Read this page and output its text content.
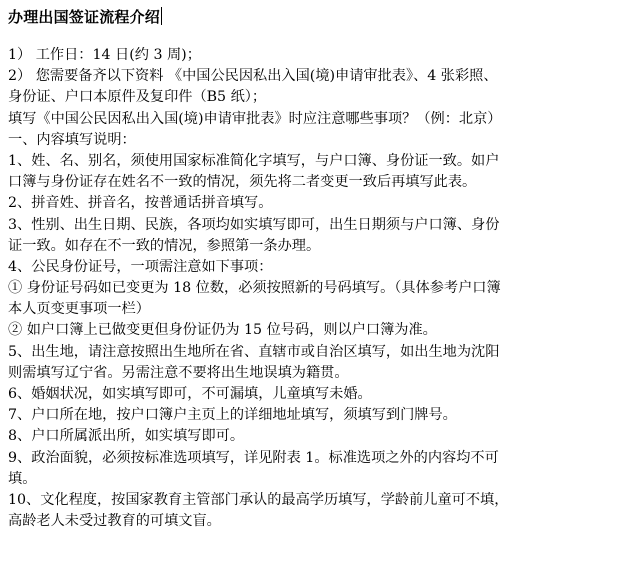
办理出国签证流程介绍
1） 工作日：14 日(约 3 周)；
2） 您需要备齐以下资料 《中国公民因私出入国(境)申请审批表》、4 张彩照、
身份证、户口本原件及复印件（B5 纸）；
填写《中国公民因私出入国(境)申请审批表》时应注意哪些事项？（例：北京）
一、内容填写说明：
1、姓、名、别名，须使用国家标准简化字填写，与户口簿、身份证一致。如户
口簿与身份证存在姓名不一致的情况，须先将二者变更一致后再填写此表。
2、拼音姓、拼音名，按普通话拼音填写。
3、性别、出生日期、民族，各项均如实填写即可，出生日期须与户口簿、身份
证一致。如存在不一致的情况，参照第一条办理。
4、公民身份证号，一项需注意如下事项：
① 身份证号码如已变更为 18 位数，必须按照新的号码填写。（具体参考户口簿
本人页变更事项一栏）
② 如户口簿上已做变更但身份证仍为 15 位号码，则以户口簿为准。
5、出生地，请注意按照出生地所在省、直辖市或自治区填写，如出生地为沈阳
则需填写辽宁省。另需注意不要将出生地误填为籍贯。
6、婚姻状况，如实填写即可，不可漏填，儿童填写未婚。
7、户口所在地，按户口簿户主页上的详细地址填写，须填写到门牌号。
8、户口所属派出所，如实填写即可。
9、政治面貌，必须按标准选项填写，详见附表 1。标准选项之外的内容均不可
填。
10、文化程度，按国家教育主管部门承认的最高学历填写，学龄前儿童可不填，
高龄老人未受过教育的可填文盲。
